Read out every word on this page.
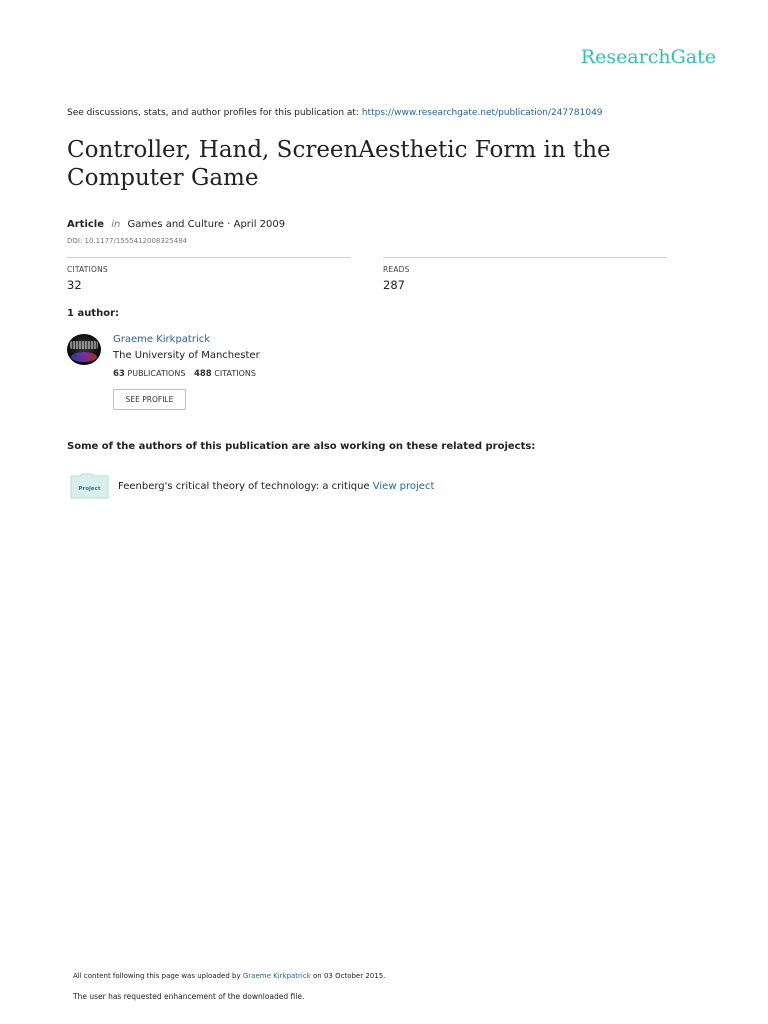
ResearchGate
See discussions, stats, and author profiles for this publication at: https://www.researchgate.net/publication/247781049
Controller, Hand, ScreenAesthetic Form in the Computer Game
Article in Games and Culture · April 2009
DOI: 10.1177/1555412008325484
CITATIONS
32
READS
287
1 author:
Graeme Kirkpatrick
The University of Manchester
63 PUBLICATIONS 488 CITATIONS
SEE PROFILE
Some of the authors of this publication are also working on these related projects:
Project Feenberg's critical theory of technology: a critique View project
All content following this page was uploaded by Graeme Kirkpatrick on 03 October 2015.
The user has requested enhancement of the downloaded file.
